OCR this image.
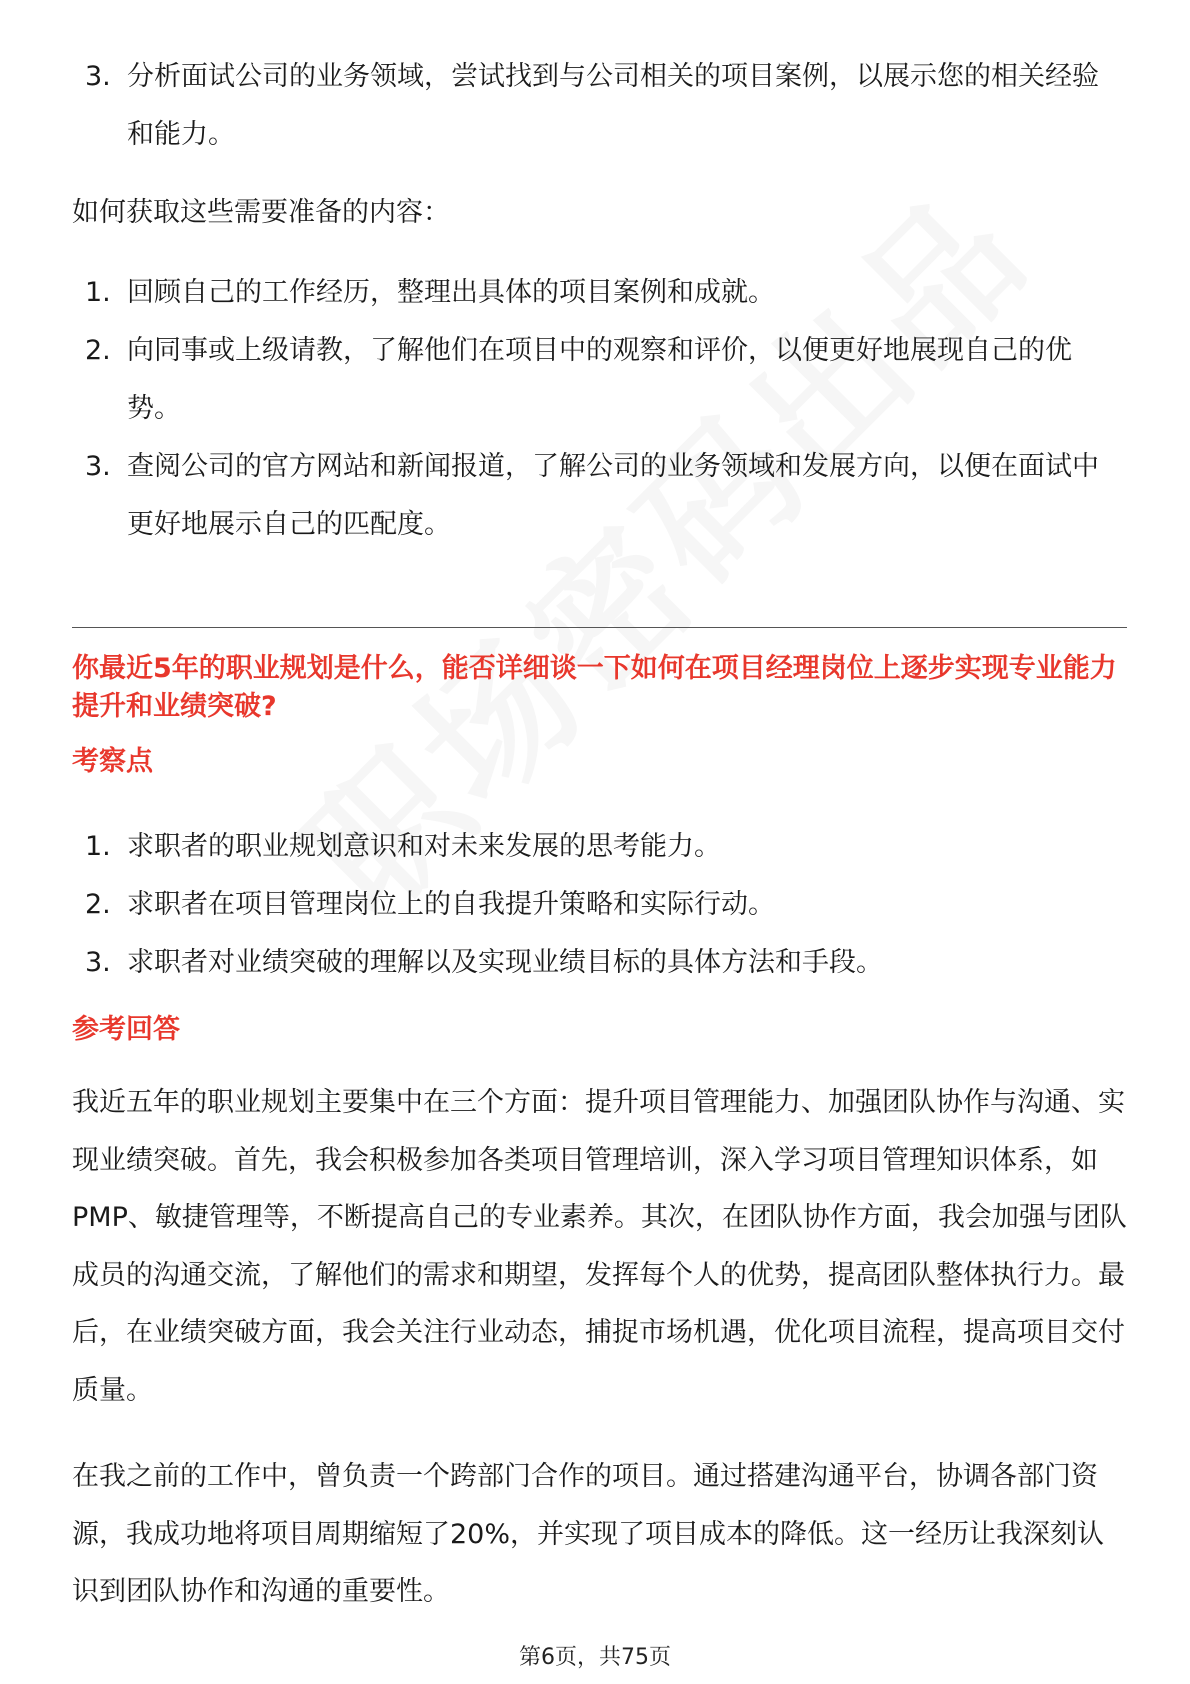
3. 分析面试公司的业务领域，尝试找到与公司相关的项目案例，以展示您的相关经验和能力。

如何获取这些需要准备的内容：

1. 回顾自己的工作经历，整理出具体的项目案例和成就。
2. 向同事或上级请教，了解他们在项目中的观察和评价，以便更好地展现自己的优势。
3. 查阅公司的官方网站和新闻报道，了解公司的业务领域和发展方向，以便在面试中更好地展示自己的匹配度。

你最近5年的职业规划是什么，能否详细谈一下如何在项目经理岗位上逐步实现专业能力提升和业绩突破?

考察点

1. 求职者的职业规划意识和对未来发展的思考能力。
2. 求职者在项目管理岗位上的自我提升策略和实际行动。
3. 求职者对业绩突破的理解以及实现业绩目标的具体方法和手段。

参考回答

我近五年的职业规划主要集中在三个方面：提升项目管理能力、加强团队协作与沟通、实现业绩突破。首先，我会积极参加各类项目管理培训，深入学习项目管理知识体系，如PMP、敏捷管理等，不断提高自己的专业素养。其次，在团队协作方面，我会加强与团队成员的沟通交流，了解他们的需求和期望，发挥每个人的优势，提高团队整体执行力。最后，在业绩突破方面，我会关注行业动态，捕捉市场机遇，优化项目流程，提高项目交付质量。

在我之前的工作中，曾负责一个跨部门合作的项目。通过搭建沟通平台，协调各部门资源，我成功地将项目周期缩短了20%，并实现了项目成本的降低。这一经历让我深刻认识到团队协作和沟通的重要性。

第6页，共75页
